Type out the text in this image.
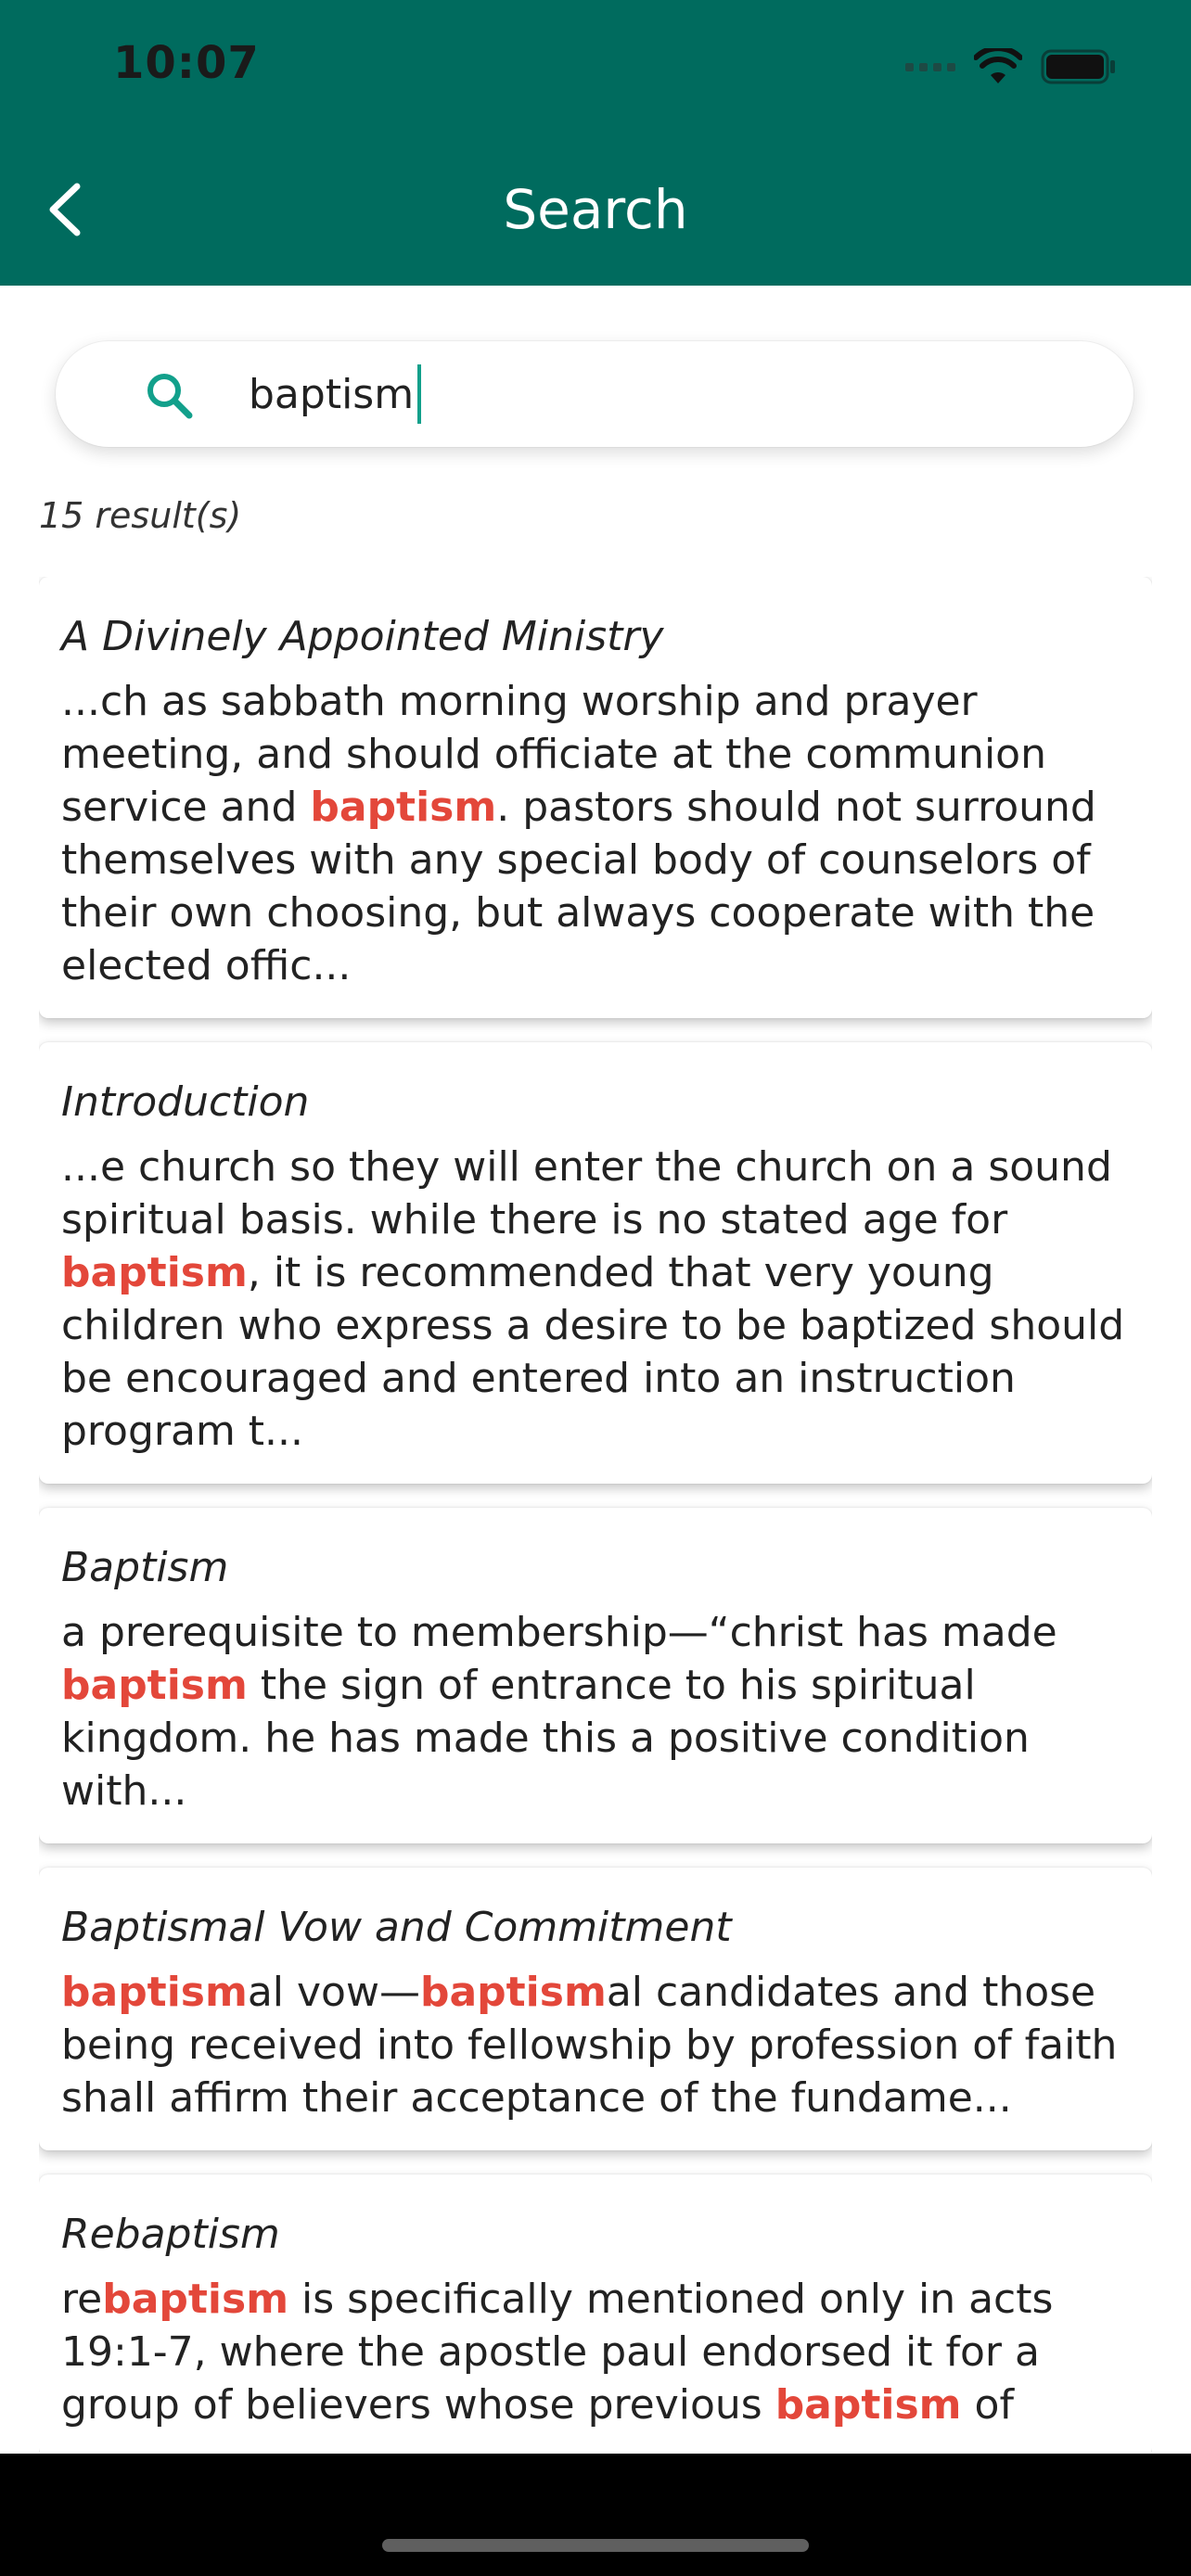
10:07
Search
baptism
15 result(s)
A Divinely Appointed Ministry
...ch as sabbath morning worship and prayer meeting, and should officiate at the communion service and baptism. pastors should not surround themselves with any special body of counselors of their own choosing, but always cooperate with the elected offic...
Introduction
...e church so they will enter the church on a sound spiritual basis. while there is no stated age for baptism, it is recommended that very young children who express a desire to be baptized should be encouraged and entered into an instruction program t...
Baptism
a prerequisite to membership—“christ has made baptism the sign of entrance to his spiritual kingdom. he has made this a positive condition with...
Baptismal Vow and Commitment
baptismal vow—baptismal candidates and those being received into fellowship by profession of faith shall affirm their acceptance of the fundame...
Rebaptism
rebaptism is specifically mentioned only in acts 19:1-7, where the apostle paul endorsed it for a group of believers whose previous baptism of
